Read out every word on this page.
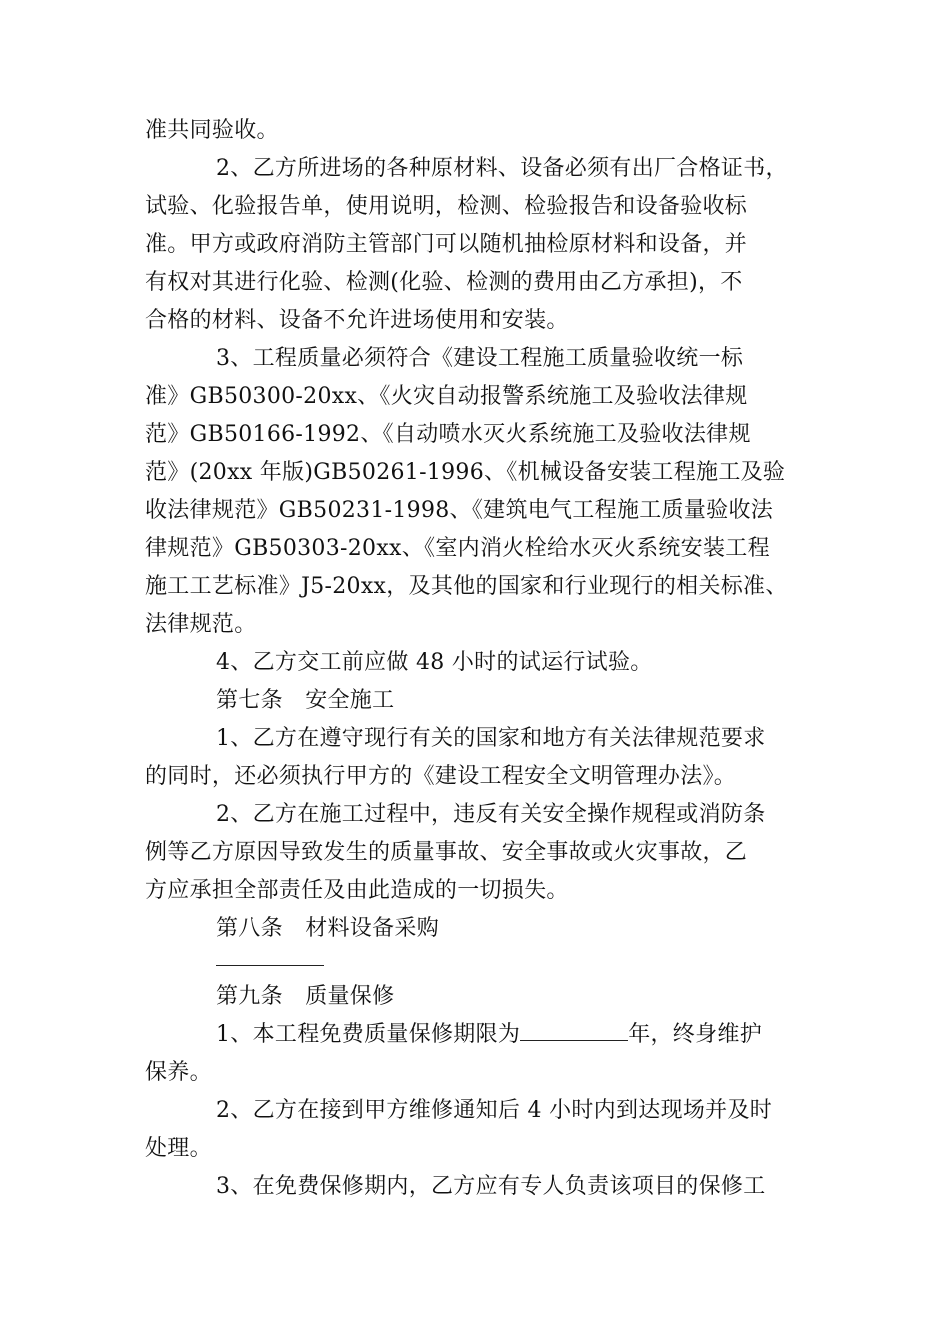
准共同验收。
2、乙方所进场的各种原材料、设备必须有出厂合格证书，
试验、化验报告单，使用说明，检测、检验报告和设备验收标
准。甲方或政府消防主管部门可以随机抽检原材料和设备，并
有权对其进行化验、检测(化验、检测的费用由乙方承担)，不
合格的材料、设备不允许进场使用和安装。
3、工程质量必须符合《建设工程施工质量验收统一标
准》GB50300-20xx、《火灾自动报警系统施工及验收法律规
范》GB50166-1992、《自动喷水灭火系统施工及验收法律规
范》(20xx 年版)GB50261-1996、《机械设备安装工程施工及验
收法律规范》GB50231-1998、《建筑电气工程施工质量验收法
律规范》GB50303-20xx、《室内消火栓给水灭火系统安装工程
施工工艺标准》J5-20xx，及其他的国家和行业现行的相关标准、
法律规范。
4、乙方交工前应做 48 小时的试运行试验。
第七条　安全施工
1、乙方在遵守现行有关的国家和地方有关法律规范要求
的同时，还必须执行甲方的《建设工程安全文明管理办法》。
2、乙方在施工过程中，违反有关安全操作规程或消防条
例等乙方原因导致发生的质量事故、安全事故或火灾事故，乙
方应承担全部责任及由此造成的一切损失。
第八条　材料设备采购
第九条　质量保修
1、本工程免费质量保修期限为	年，终身维护
保养。
2、乙方在接到甲方维修通知后 4 小时内到达现场并及时
处理。
3、在免费保修期内，乙方应有专人负责该项目的保修工
